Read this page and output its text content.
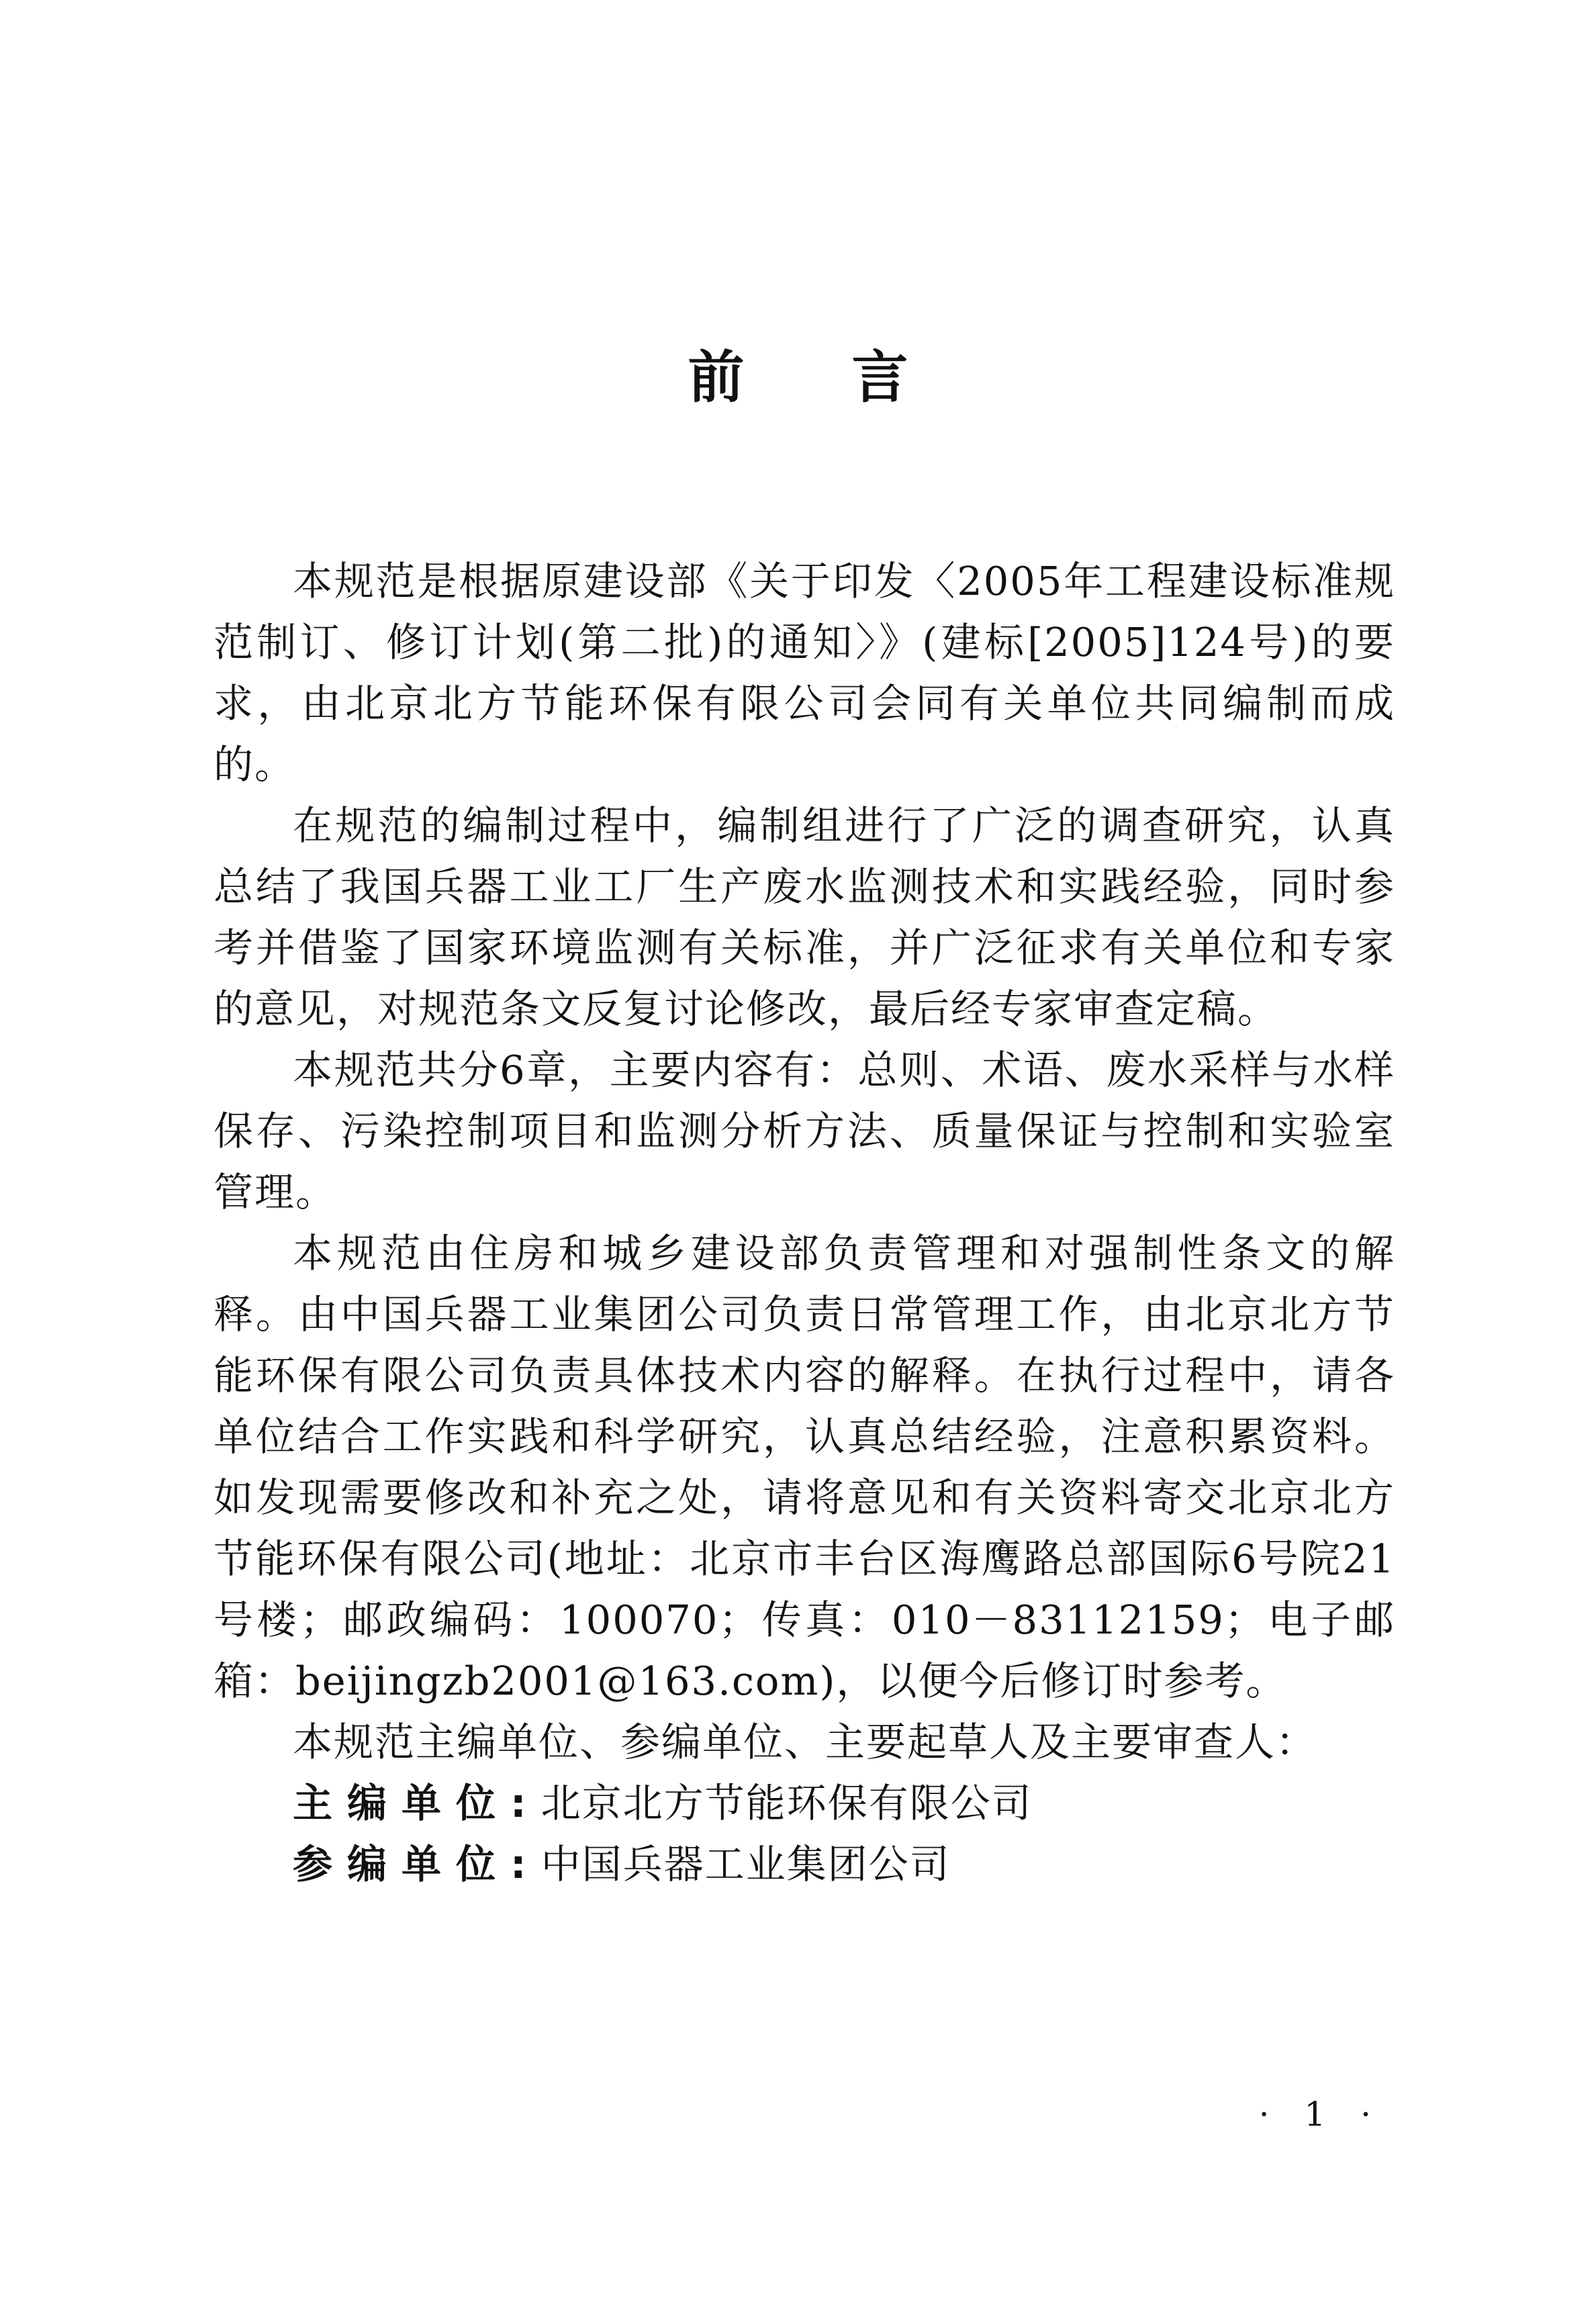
前言

本规范是根据原建设部《关于印发〈2005年工程建设标准规范制订、修订计划(第二批)的通知〉》(建标[2005]124号)的要求，由北京北方节能环保有限公司会同有关单位共同编制而成的。

在规范的编制过程中，编制组进行了广泛的调查研究，认真总结了我国兵器工业工厂生产废水监测技术和实践经验，同时参考并借鉴了国家环境监测有关标准，并广泛征求有关单位和专家的意见，对规范条文反复讨论修改，最后经专家审查定稿。

本规范共分6章，主要内容有：总则、术语、废水采样与水样保存、污染控制项目和监测分析方法、质量保证与控制和实验室管理。

本规范由住房和城乡建设部负责管理和对强制性条文的解释。由中国兵器工业集团公司负责日常管理工作，由北京北方节能环保有限公司负责具体技术内容的解释。在执行过程中，请各单位结合工作实践和科学研究，认真总结经验，注意积累资料。如发现需要修改和补充之处，请将意见和有关资料寄交北京北方节能环保有限公司(地址：北京市丰台区海鹰路总部国际6号院21号楼；邮政编码：100070；传真：010－83112159；电子邮箱：beijingzb2001@163.com)，以便今后修订时参考。

本规范主编单位、参编单位、主要起草人及主要审查人：

主编单位:北京北方节能环保有限公司

参编单位:中国兵器工业集团公司

· 1 ·
